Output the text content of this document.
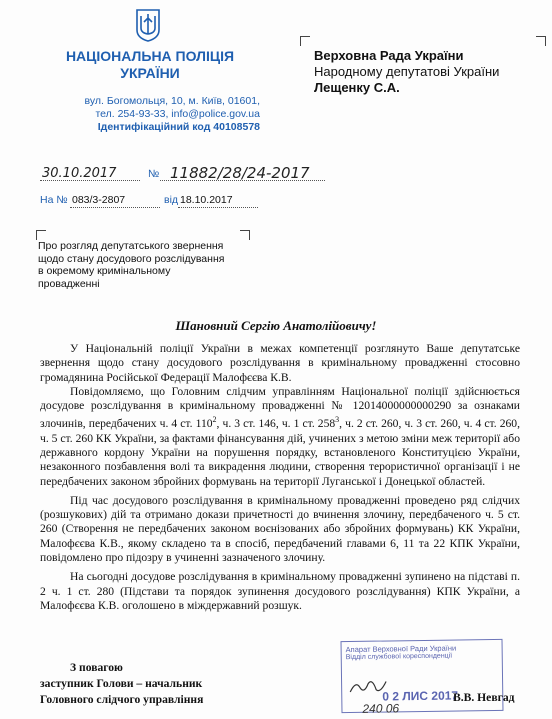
НАЦІОНАЛЬНА ПОЛІЦІЯ
УКРАЇНИ
вул. Богомольця, 10, м. Київ, 01601,
тел. 254-93-33, info@police.gov.ua
Ідентифікаційний код 40108578
Верховна Рада України
Народному депутатові України
Лещенку С.А.
30.10.2017	№ 11882/28/24-2017
На № 083/3-2807	від 18.10.2017
Про розгляд депутатського звернення
щодо стану досудового розслідування
в окремому кримінальному
провадженні
Шановний Сергію Анатолійовичу!

У Національній поліції України в межах компетенції розглянуто Ваше депутатське звернення щодо стану досудового розслідування в кримінальному провадженні стосовно громадянина Російської Федерації Малофєєва К.В.

Повідомляємо, що Головним слідчим управлінням Національної поліції здійснюється досудове розслідування в кримінальному провадженні № 12014000000000290 за ознаками злочинів, передбачених ч. 4 ст. $110^2$, ч. 3 ст. 146, ч. 1 ст. $258^3$, ч. 2 ст. 260, ч. 3 ст. 260, ч. 4 ст. 260, ч. 5 ст. 260 КК України, за фактами фінансування дій, учинених з метою зміни меж території або державного кордону України на порушення порядку, встановленого Конституцією України, незаконного позбавлення волі та викрадення людини, створення терористичної організації і не передбачених законом збройних формувань на території Луганської і Донецької областей.

Під час досудового розслідування в кримінальному провадженні проведено ряд слідчих (розшукових) дій та отримано докази причетності до вчинення злочину, передбаченого ч. 5 ст. 260 (Створення не передбачених законом воєнізованих або збройних формувань) КК України, Малофєєва К.В., якому складено та в спосіб, передбачений главами 6, 11 та 22 КПК України, повідомлено про підозру в учиненні зазначеного злочину.

На сьогодні досудове розслідування в кримінальному провадженні зупинено на підставі п. 2 ч. 1 ст. 280 (Підстави та порядок зупинення досудового розслідування) КПК України, а Малофєєва К.В. оголошено в міждержавний розшук.

З повагою
заступник Голови – начальник
Головного слідчого управління
Апарат Верховної Ради України
Відділ службової кореспонденції
0 2 ЛИС 2017
240 06
В.В. Невгад
